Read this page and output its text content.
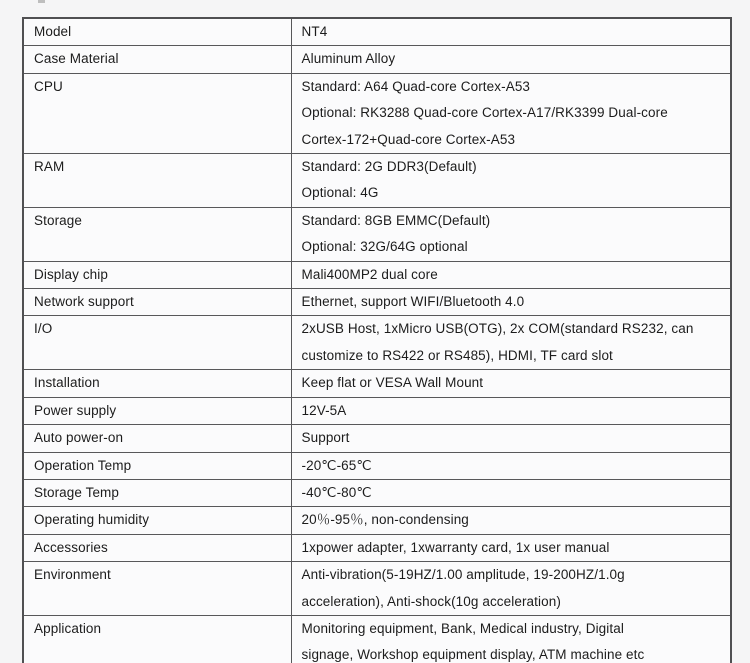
Model	NT4

Case Material	Aluminum Alloy

CPU	Standard: A64 Quad-core Cortex-A53
Optional: RK3288 Quad-core Cortex-A17/RK3399 Dual-core
Cortex-172+Quad-core Cortex-A53

RAM	Standard: 2G DDR3(Default)
Optional: 4G

Storage	Standard: 8GB EMMC(Default)
Optional: 32G/64G optional

Display chip	Mali400MP2 dual core

Network support	Ethernet, support WIFI/Bluetooth 4.0

I/O	2xUSB Host, 1xMicro USB(OTG), 2x COM(standard RS232, can
customize to RS422 or RS485), HDMI, TF card slot

Installation	Keep flat or VESA Wall Mount

Power supply	12V-5A

Auto power-on	Support

Operation Temp	-20℃-65℃

Storage Temp	-40℃-80℃

Operating humidity	20％-95％, non-condensing

Accessories	1xpower adapter, 1xwarranty card, 1x user manual

Environment	Anti-vibration(5-19HZ/1.00 amplitude, 19-200HZ/1.0g
acceleration), Anti-shock(10g acceleration)

Application	Monitoring equipment, Bank, Medical industry, Digital
signage, Workshop equipment display, ATM machine etc
